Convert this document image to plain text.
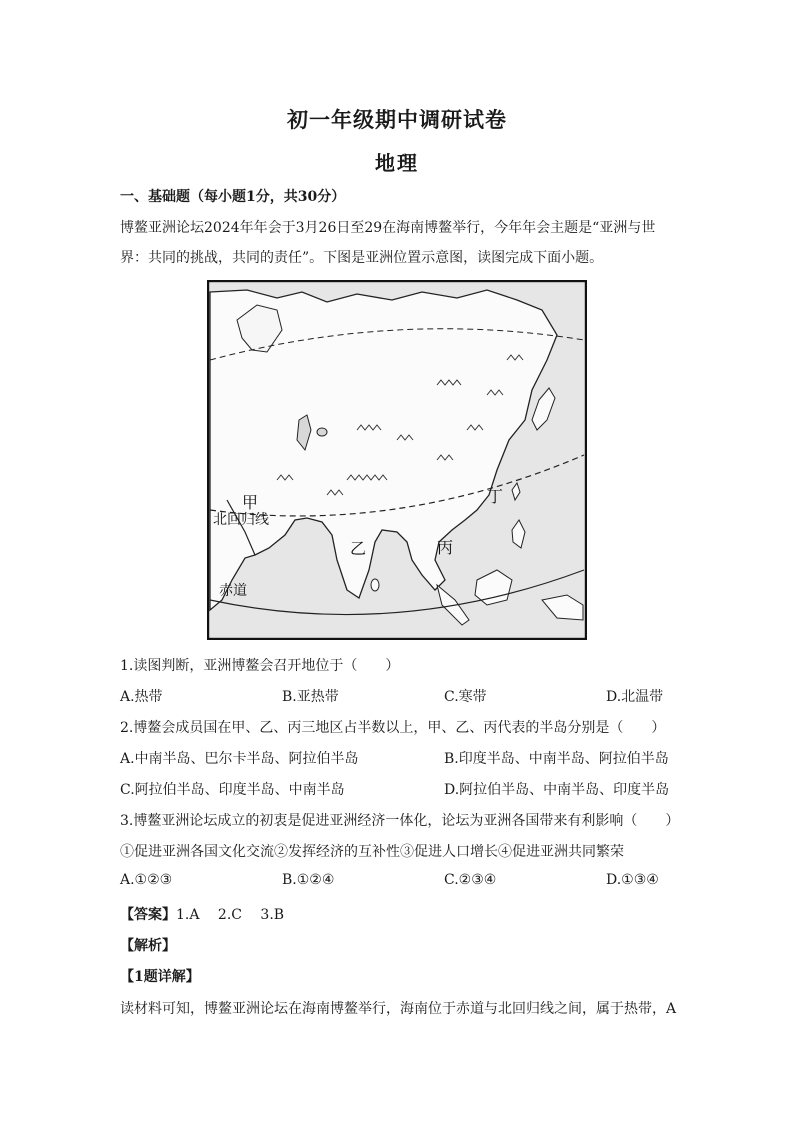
初一年级期中调研试卷
地理
一、基础题（每小题1分，共30分）
博鳌亚洲论坛2024年年会于3月26日至29在海南博鳌举行，今年年会主题是“亚洲与世
界：共同的挑战，共同的责任”。下图是亚洲位置示意图，读图完成下面小题。
甲
北回归线
乙	丙
丁
赤道
1.读图判断，亚洲博鳌会召开地位于（　　）
A.热带	B.亚热带	C.寒带	D.北温带
2.博鳌会成员国在甲、乙、丙三地区占半数以上，甲、乙、丙代表的半岛分别是（　　）
A.中南半岛、巴尔卡半岛、阿拉伯半岛	B.印度半岛、中南半岛、阿拉伯半岛
C.阿拉伯半岛、印度半岛、中南半岛	D.阿拉伯半岛、中南半岛、印度半岛
3.博鳌亚洲论坛成立的初衷是促进亚洲经济一体化，论坛为亚洲各国带来有利影响（　　）
①促进亚洲各国文化交流②发挥经济的互补性③促进人口增长④促进亚洲共同繁荣
A.①②③	B.①②④	C.②③④	D.①③④
【答案】1.A　 2.C　 3.B
【解析】
【1题详解】
读材料可知，博鳌亚洲论坛在海南博鳌举行，海南位于赤道与北回归线之间，属于热带，A
